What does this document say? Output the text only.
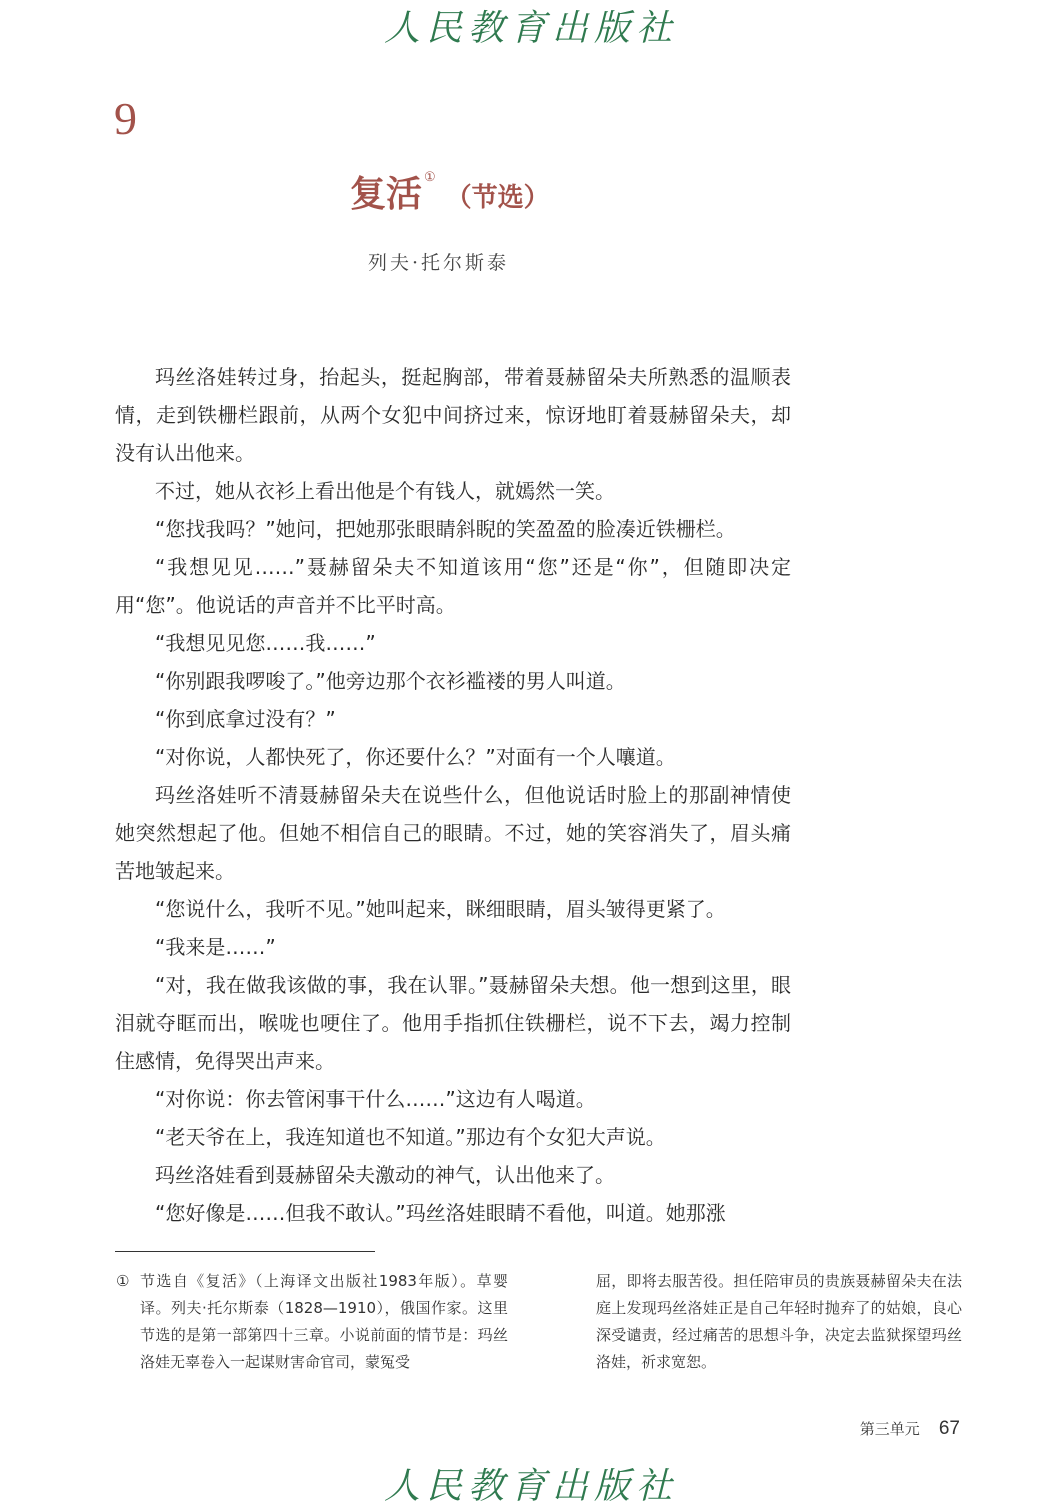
人民教育出版社
9
复活 ①（节选）
列夫·托尔斯泰

玛丝洛娃转过身，抬起头，挺起胸部，带着聂赫留朵夫所熟悉的温顺表情，走到铁栅栏跟前，从两个女犯中间挤过来，惊讶地盯着聂赫留朵夫，却没有认出他来。

不过，她从衣衫上看出他是个有钱人，就嫣然一笑。

“您找我吗？”她问，把她那张眼睛斜睨的笑盈盈的脸凑近铁栅栏。

“我想见见……”聂赫留朵夫不知道该用“您”还是“你”，但随即决定用“您”。他说话的声音并不比平时高。

“我想见见您……我……”

“你别跟我啰唆了。”他旁边那个衣衫褴褛的男人叫道。

“你到底拿过没有？”

“对你说，人都快死了，你还要什么？”对面有一个人嚷道。

玛丝洛娃听不清聂赫留朵夫在说些什么，但他说话时脸上的那副神情使她突然想起了他。但她不相信自己的眼睛。不过，她的笑容消失了，眉头痛苦地皱起来。

“您说什么，我听不见。”她叫起来，眯细眼睛，眉头皱得更紧了。

“我来是……”

“对，我在做我该做的事，我在认罪。”聂赫留朵夫想。他一想到这里，眼泪就夺眶而出，喉咙也哽住了。他用手指抓住铁栅栏，说不下去，竭力控制住感情，免得哭出声来。

“对你说：你去管闲事干什么……”这边有人喝道。

“老天爷在上，我连知道也不知道。”那边有个女犯大声说。

玛丝洛娃看到聂赫留朵夫激动的神气，认出他来了。

“您好像是……但我不敢认。”玛丝洛娃眼睛不看他，叫道。她那涨

① 节选自《复活》（上海译文出版社1983年版）。草婴译。列夫·托尔斯泰（1828—1910），俄国作家。这里节选的是第一部第四十三章。小说前面的情节是：玛丝洛娃无辜卷入一起谋财害命官司，蒙冤受
屈，即将去服苦役。担任陪审员的贵族聂赫留朵夫在法庭上发现玛丝洛娃正是自己年轻时抛弃了的姑娘，良心深受谴责，经过痛苦的思想斗争，决定去监狱探望玛丝洛娃，祈求宽恕。
第三单元 67
人民教育出版社
